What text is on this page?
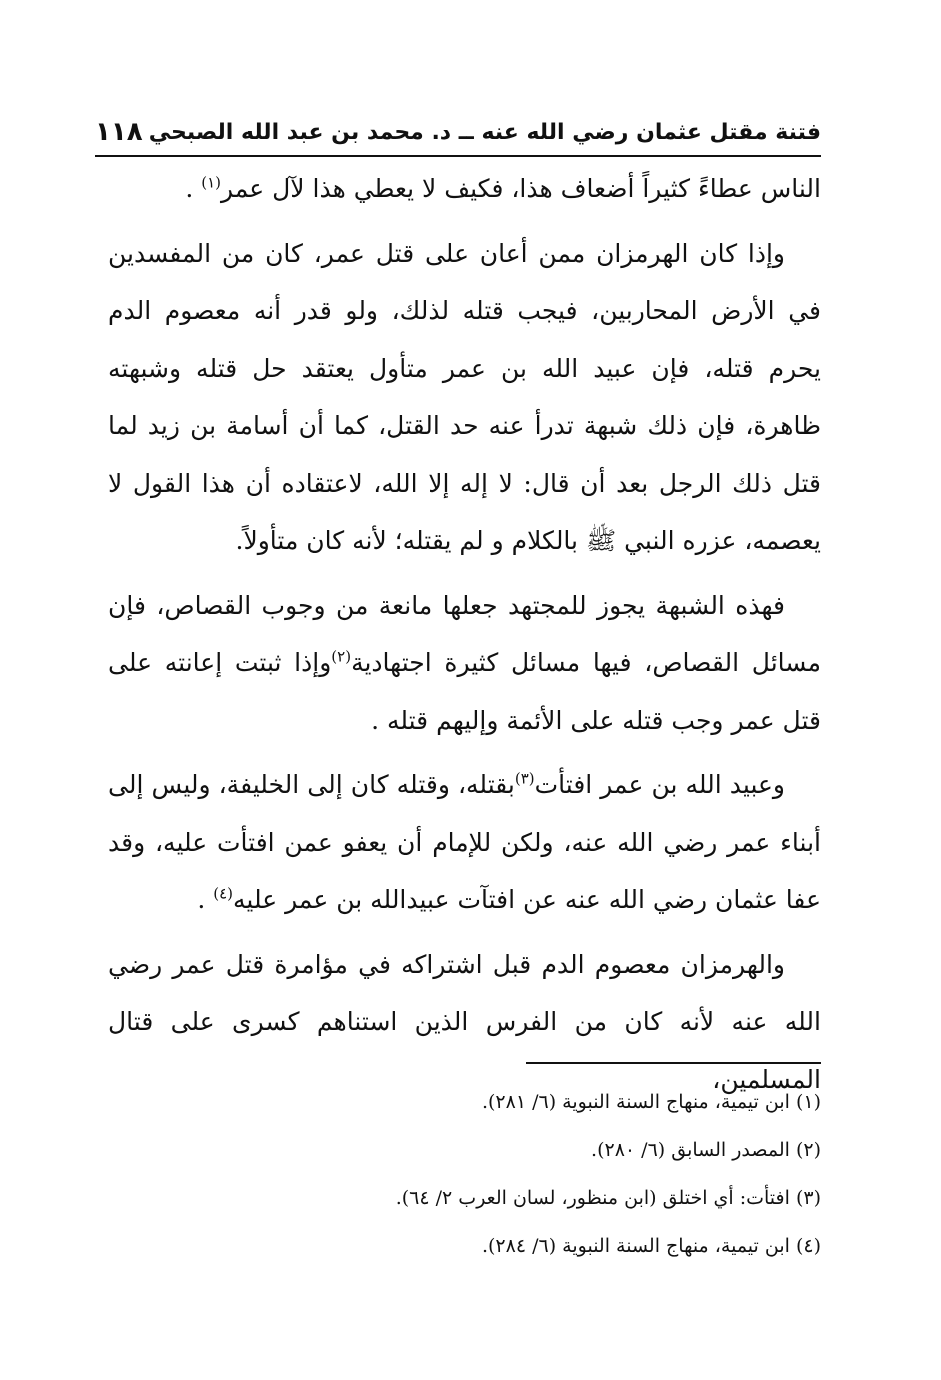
فتنة مقتل عثمان رضي الله عنه ــ د. محمد بن عبد الله الصبحي
١١٨

الناس عطاءً كثيراً أضعاف هذا، فكيف لا يعطي هذا لآل عمر$^{(١)}$ .

وإذا كان الهرمزان ممن أعان على قتل عمر، كان من المفسدين في الأرض المحاربين، فيجب قتله لذلك، ولو قدر أنه معصوم الدم يحرم قتله، فإن عبيد الله بن عمر متأول يعتقد حل قتله وشبهته ظاهرة، فإن ذلك شبهة تدرأ عنه حد القتل، كما أن أسامة بن زيد لما قتل ذلك الرجل بعد أن قال: لا إله إلا الله، لاعتقاده أن هذا القول لا يعصمه، عزره النبي ﷺ بالكلام و لم يقتله؛ لأنه كان متأولاً.

فهذه الشبهة يجوز للمجتهد جعلها مانعة من وجوب القصاص، فإن مسائل القصاص، فيها مسائل كثيرة اجتهادية$^{(٢)}$وإذا ثبتت إعانته على قتل عمر وجب قتله على الأئمة وإليهم قتله .

وعبيد الله بن عمر افتأت$^{(٣)}$بقتله، وقتله كان إلى الخليفة، وليس إلى أبناء عمر رضي الله عنه، ولكن للإمام أن يعفو عمن افتأت عليه، وقد عفا عثمان رضي الله عنه عن افتآت عبيدالله بن عمر عليه$^{(٤)}$ .

والهرمزان معصوم الدم قبل اشتراكه في مؤامرة قتل عمر رضي الله عنه لأنه كان من الفرس الذين استناهم كسرى على قتال المسلمين،

(١) ابن تيمية، منهاج السنة النبوية (٦/ ٢٨١).
(٢) المصدر السابق (٦/ ٢٨٠).
(٣) افتأت: أي اختلق (ابن منظور، لسان العرب ٢/ ٦٤).
(٤) ابن تيمية، منهاج السنة النبوية (٦/ ٢٨٤).
